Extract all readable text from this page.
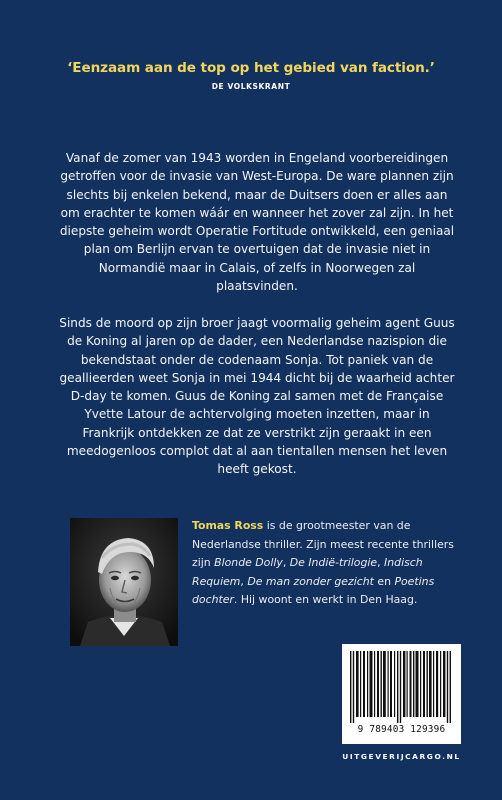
‘Eenzaam aan de top op het gebied van faction.’
DE VOLKSKRANT

Vanaf de zomer van 1943 worden in Engeland voorbereidingen getroffen voor de invasie van West-Europa. De ware plannen zijn slechts bij enkelen bekend, maar de Duitsers doen er alles aan om erachter te komen wáár en wanneer het zover zal zijn. In het diepste geheim wordt Operatie Fortitude ontwikkeld, een geniaal plan om Berlijn ervan te overtuigen dat de invasie niet in Normandië maar in Calais, of zelfs in Noorwegen zal plaatsvinden.

Sinds de moord op zijn broer jaagt voormalig geheim agent Guus de Koning al jaren op de dader, een Nederlandse nazispion die bekendstaat onder de codenaam Sonja. Tot paniek van de geallieerden weet Sonja in mei 1944 dicht bij de waarheid achter D-day te komen. Guus de Koning zal samen met de Française Yvette Latour de achtervolging moeten inzetten, maar in Frankrijk ontdekken ze dat ze verstrikt zijn geraakt in een meedogenloos complot dat al aan tientallen mensen het leven heeft gekost.

Tomas Ross is de grootmeester van de Nederlandse thriller. Zijn meest recente thrillers zijn Blonde Dolly, De Indië-trilogie, Indisch Requiem, De man zonder gezicht en Poetins dochter. Hij woont en werkt in Den Haag.
9 789403 129396
UITGEVERIJCARGO.NL
